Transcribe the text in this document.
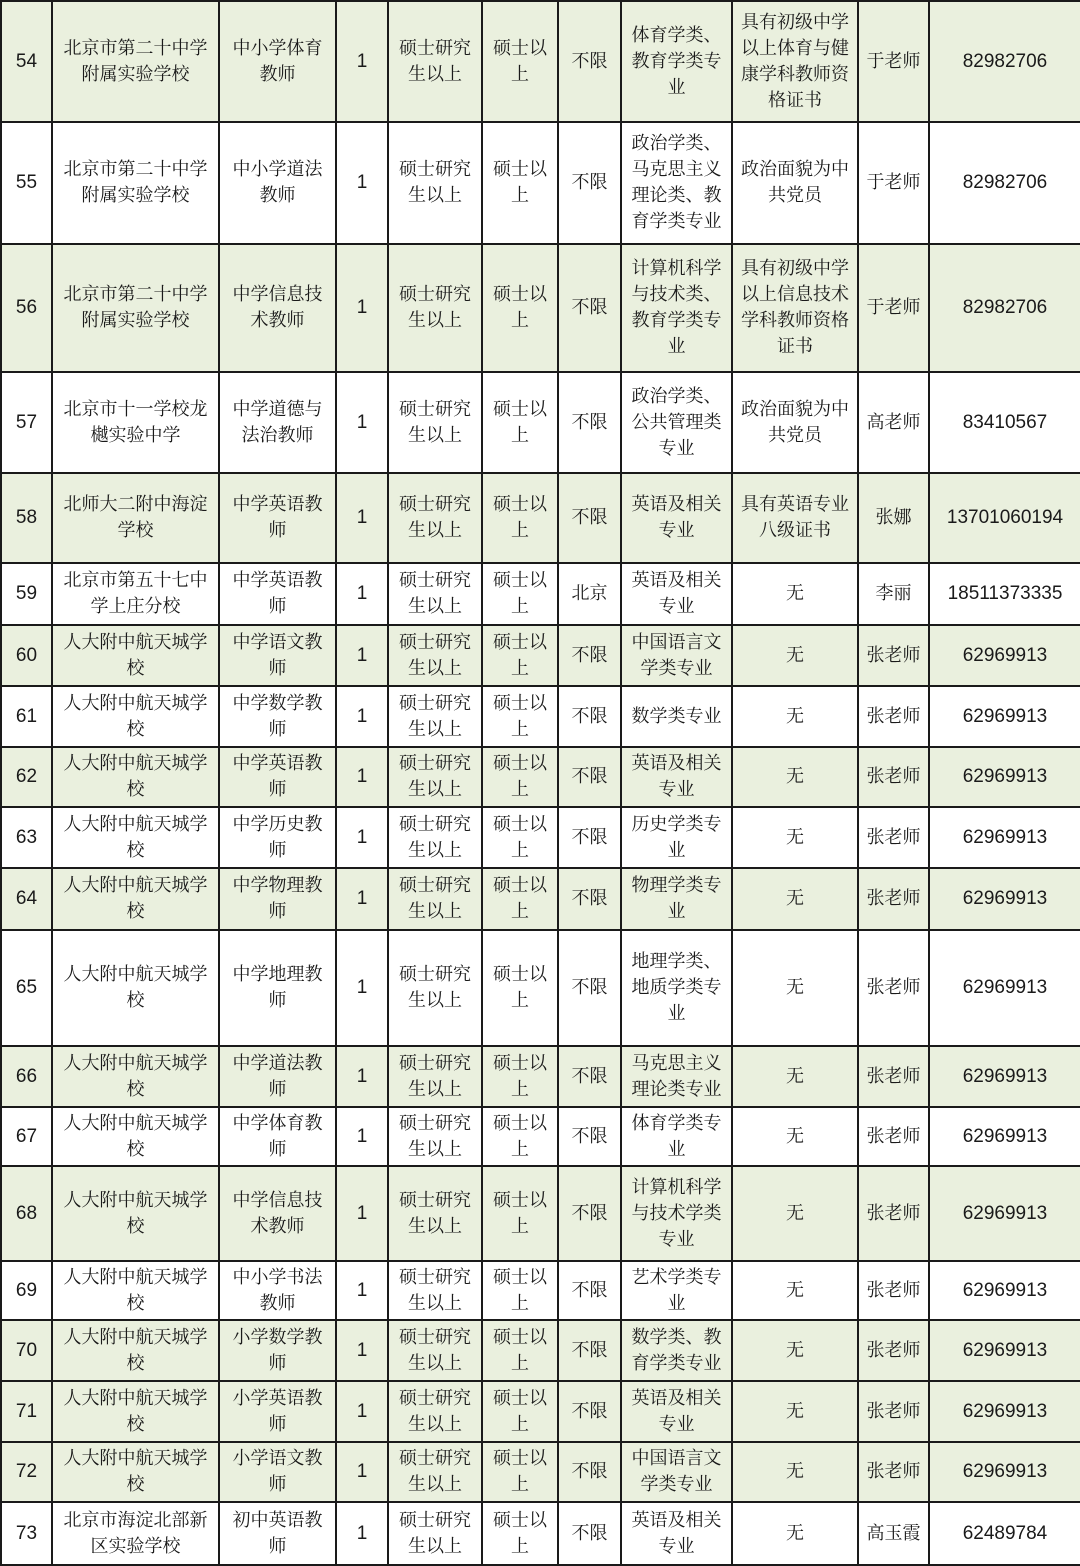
54	北京市第二十中学附属实验学校	中小学体育教师	1	硕士研究生以上	硕士以上	不限	体育学类、教育学类专业	具有初级中学以上体育与健康学科教师资格证书	于老师	82982706
55	北京市第二十中学附属实验学校	中小学道法教师	1	硕士研究生以上	硕士以上	不限	政治学类、马克思主义理论类、教育学类专业	政治面貌为中共党员	于老师	82982706
56	北京市第二十中学附属实验学校	中学信息技术教师	1	硕士研究生以上	硕士以上	不限	计算机科学与技术类、教育学类专业	具有初级中学以上信息技术学科教师资格证书	于老师	82982706
57	北京市十一学校龙樾实验中学	中学道德与法治教师	1	硕士研究生以上	硕士以上	不限	政治学类、公共管理类专业	政治面貌为中共党员	高老师	83410567
58	北师大二附中海淀学校	中学英语教师	1	硕士研究生以上	硕士以上	不限	英语及相关专业	具有英语专业八级证书	张娜	13701060194
59	北京市第五十七中学上庄分校	中学英语教师	1	硕士研究生以上	硕士以上	北京	英语及相关专业	无	李丽	18511373335
60	人大附中航天城学校	中学语文教师	1	硕士研究生以上	硕士以上	不限	中国语言文学类专业	无	张老师	62969913
61	人大附中航天城学校	中学数学教师	1	硕士研究生以上	硕士以上	不限	数学类专业	无	张老师	62969913
62	人大附中航天城学校	中学英语教师	1	硕士研究生以上	硕士以上	不限	英语及相关专业	无	张老师	62969913
63	人大附中航天城学校	中学历史教师	1	硕士研究生以上	硕士以上	不限	历史学类专业	无	张老师	62969913
64	人大附中航天城学校	中学物理教师	1	硕士研究生以上	硕士以上	不限	物理学类专业	无	张老师	62969913
65	人大附中航天城学校	中学地理教师	1	硕士研究生以上	硕士以上	不限	地理学类、地质学类专业	无	张老师	62969913
66	人大附中航天城学校	中学道法教师	1	硕士研究生以上	硕士以上	不限	马克思主义理论类专业	无	张老师	62969913
67	人大附中航天城学校	中学体育教师	1	硕士研究生以上	硕士以上	不限	体育学类专业	无	张老师	62969913
68	人大附中航天城学校	中学信息技术教师	1	硕士研究生以上	硕士以上	不限	计算机科学与技术学类专业	无	张老师	62969913
69	人大附中航天城学校	中小学书法教师	1	硕士研究生以上	硕士以上	不限	艺术学类专业	无	张老师	62969913
70	人大附中航天城学校	小学数学教师	1	硕士研究生以上	硕士以上	不限	数学类、教育学类专业	无	张老师	62969913
71	人大附中航天城学校	小学英语教师	1	硕士研究生以上	硕士以上	不限	英语及相关专业	无	张老师	62969913
72	人大附中航天城学校	小学语文教师	1	硕士研究生以上	硕士以上	不限	中国语言文学类专业	无	张老师	62969913
73	北京市海淀北部新区实验学校	初中英语教师	1	硕士研究生以上	硕士以上	不限	英语及相关专业	无	高玉霞	62489784
